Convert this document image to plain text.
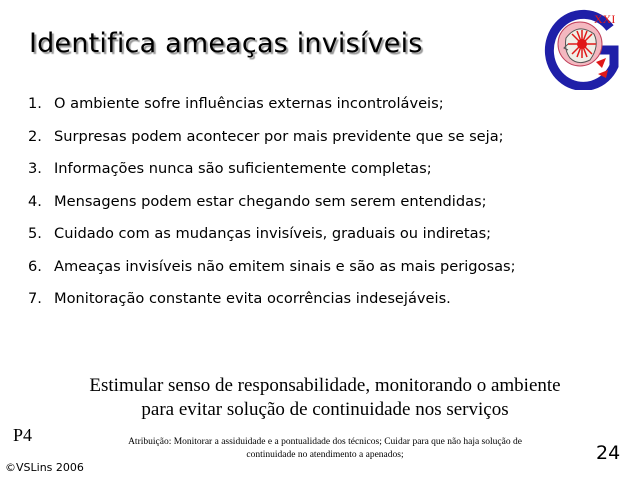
Identifica ameaças invisíveis
XXI
1. O ambiente sofre influências externas incontroláveis;
2. Surpresas podem acontecer por mais previdente que se seja;
3. Informações nunca são suficientemente completas;
4. Mensagens podem estar chegando sem serem entendidas;
5. Cuidado com as mudanças invisíveis, graduais ou indiretas;
6. Ameaças invisíveis não emitem sinais e são as mais perigosas;
7. Monitoração constante evita ocorrências indesejáveis.
Estimular senso de responsabilidade, monitorando o ambiente
para evitar solução de continuidade nos serviços
P4	Atribuição: Monitorar a assiduidade e a pontualidade dos técnicos; Cuidar para que não haja solução de
continuidade no atendimento a apenados;	24
©VSLins 2006
